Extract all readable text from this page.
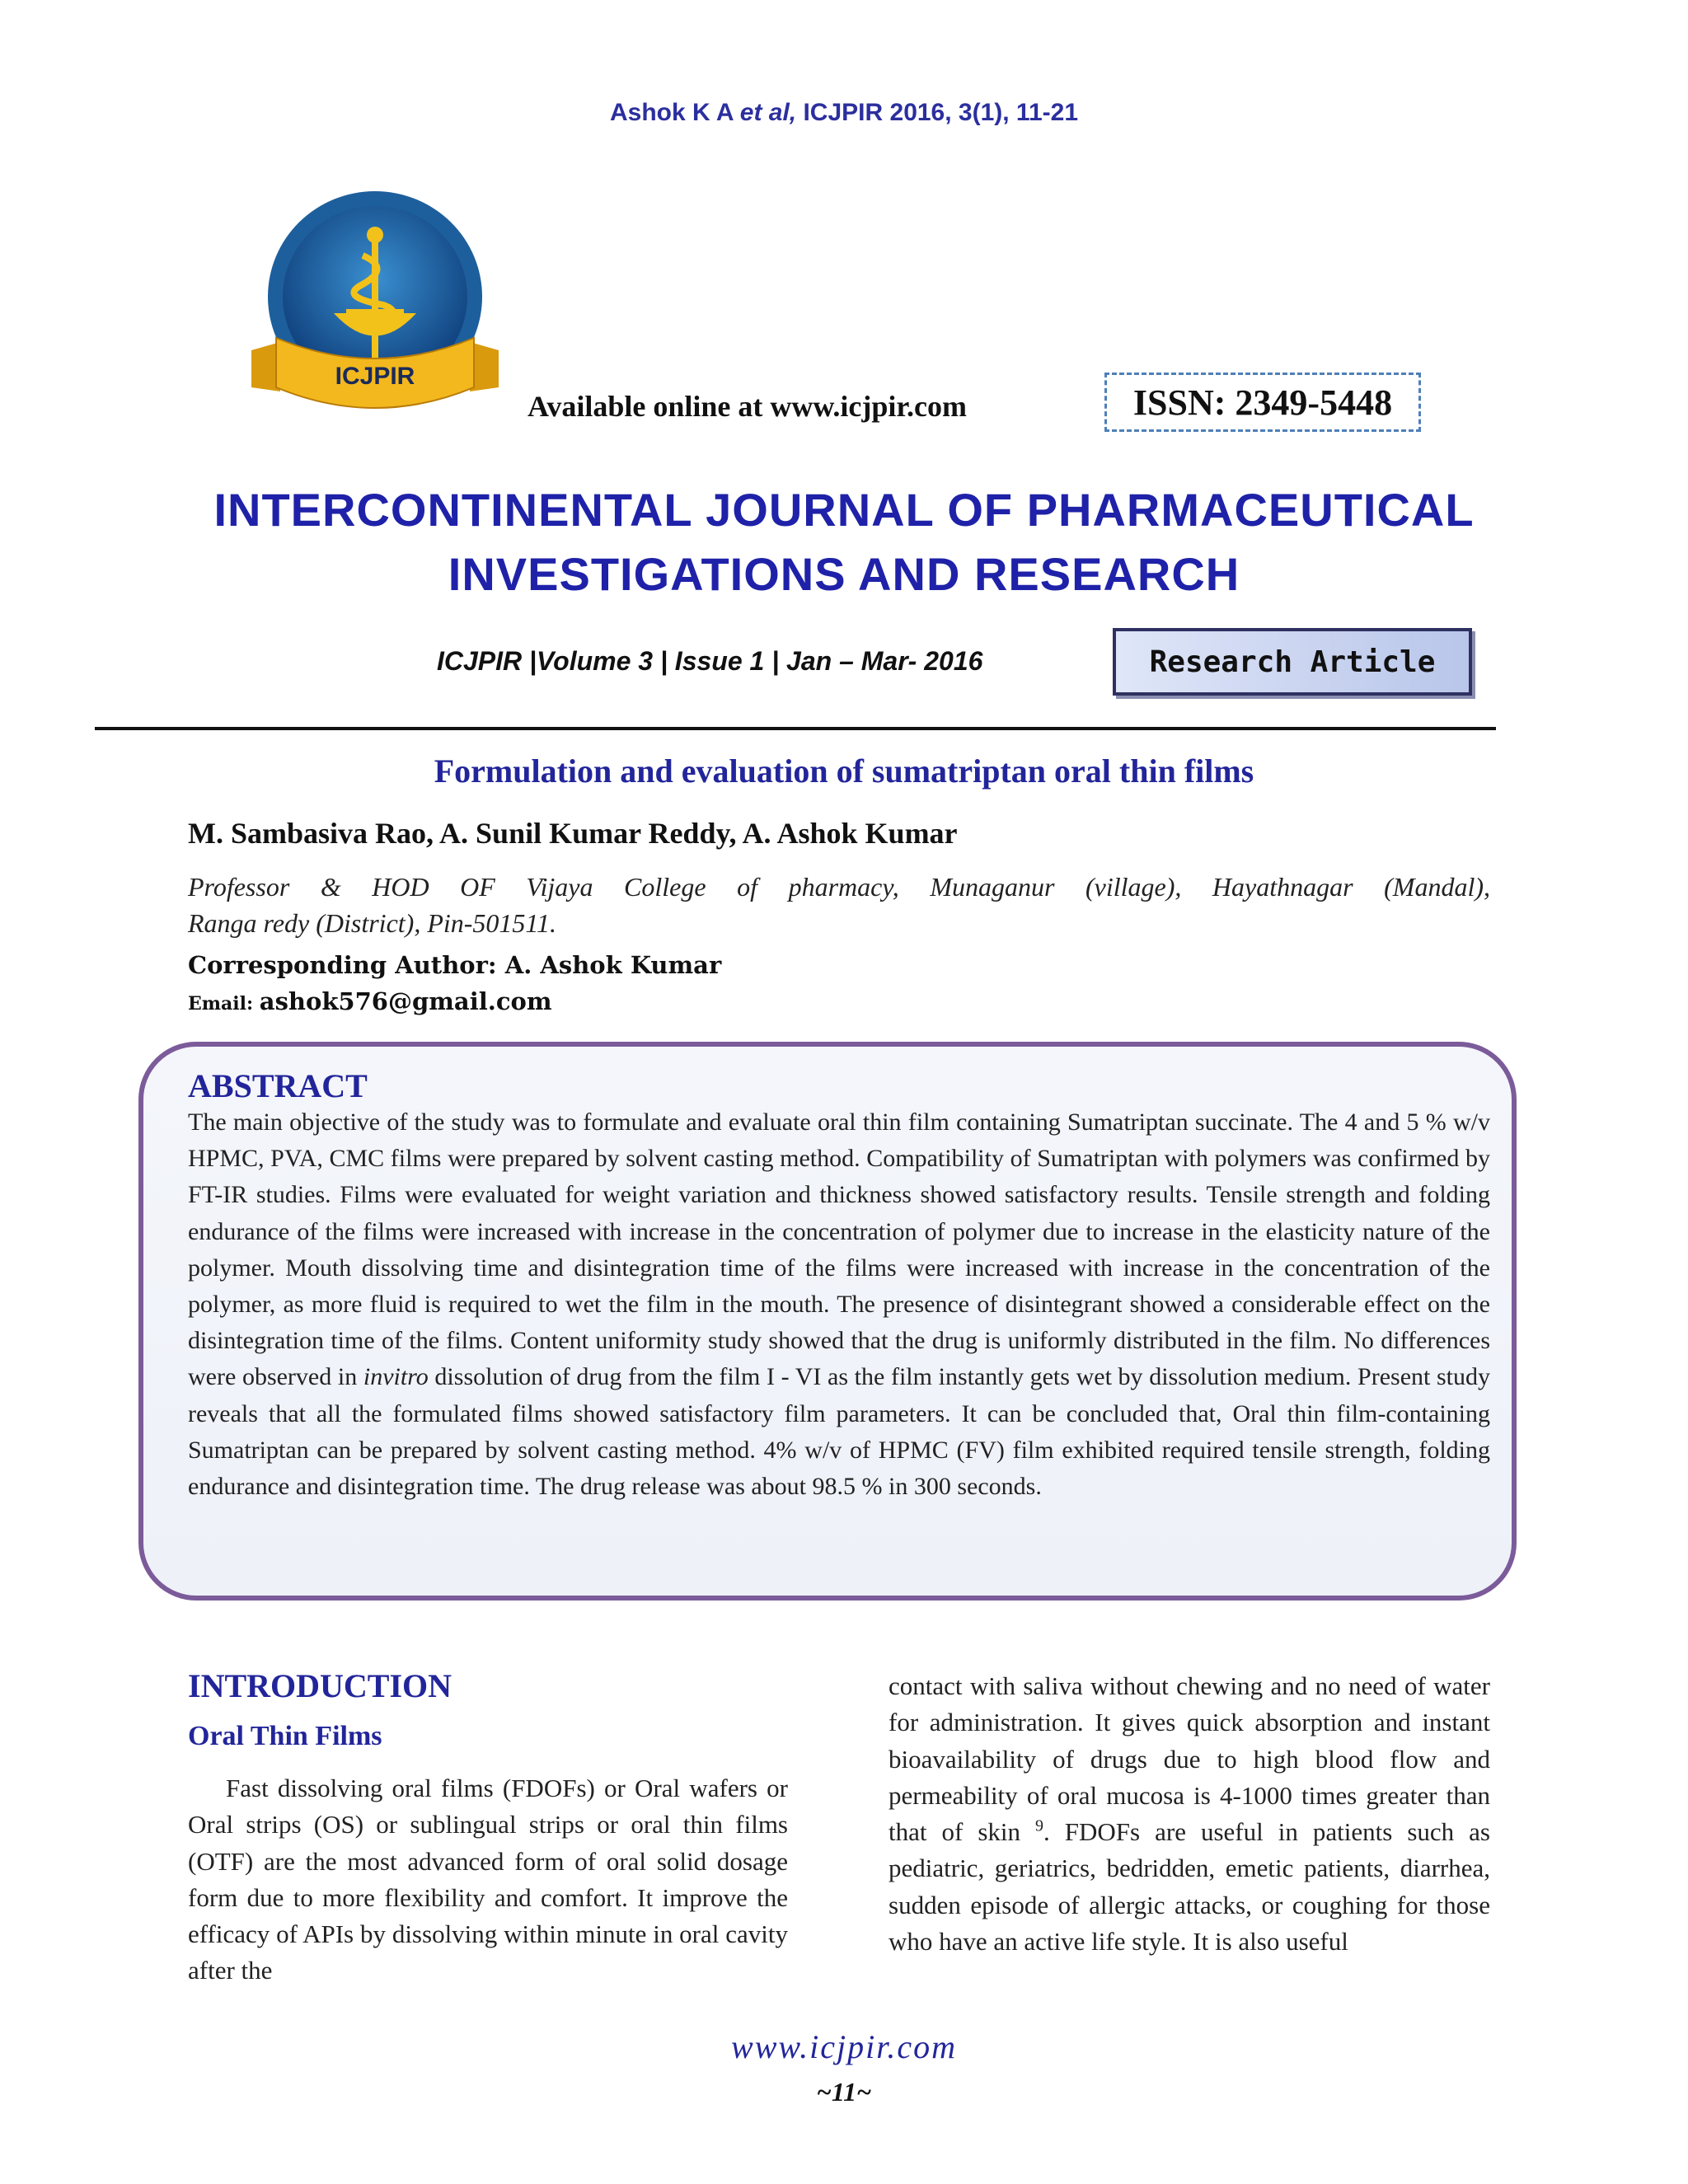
Ashok K A et al, ICJPIR 2016, 3(1), 11-21
ICJPIR
Available online at www.icjpir.com	ISSN: 2349-5448
INTERCONTINENTAL JOURNAL OF PHARMACEUTICAL
INVESTIGATIONS AND RESEARCH
ICJPIR |Volume 3 | Issue 1 | Jan – Mar- 2016	Research Article
Formulation and evaluation of sumatriptan oral thin films
M. Sambasiva Rao, A. Sunil Kumar Reddy, A. Ashok Kumar
Professor & HOD OF Vijaya College of pharmacy, Munaganur (village), Hayathnagar (Mandal),
Ranga redy (District), Pin-501511.
Corresponding Author: A. Ashok Kumar
Email: ashok576@gmail.com
ABSTRACT
The main objective of the study was to formulate and evaluate oral thin film containing Sumatriptan succinate. The 4 and 5 % w/v HPMC, PVA, CMC films were prepared by solvent casting method. Compatibility of Sumatriptan with polymers was confirmed by FT-IR studies. Films were evaluated for weight variation and thickness showed satisfactory results. Tensile strength and folding endurance of the films were increased with increase in the concentration of polymer due to increase in the elasticity nature of the polymer. Mouth dissolving time and disintegration time of the films were increased with increase in the concentration of the polymer, as more fluid is required to wet the film in the mouth. The presence of disintegrant showed a considerable effect on the disintegration time of the films. Content uniformity study showed that the drug is uniformly distributed in the film. No differences were observed in invitro dissolution of drug from the film I - VI as the film instantly gets wet by dissolution medium. Present study reveals that all the formulated films showed satisfactory film parameters. It can be concluded that, Oral thin film-containing Sumatriptan can be prepared by solvent casting method. 4% w/v of HPMC (FV) film exhibited required tensile strength, folding endurance and disintegration time. The drug release was about 98.5 % in 300 seconds.
INTRODUCTION
Oral Thin Films
Fast dissolving oral films (FDOFs) or Oral wafers or Oral strips (OS) or sublingual strips or oral thin films (OTF) are the most advanced form of oral solid dosage form due to more flexibility and comfort. It improve the efficacy of APIs by dissolving within minute in oral cavity after the
contact with saliva without chewing and no need of water for administration. It gives quick absorption and instant bioavailability of drugs due to high blood flow and permeability of oral mucosa is 4-1000 times greater than that of skin $^9$. FDOFs are useful in patients such as pediatric, geriatrics, bedridden, emetic patients, diarrhea, sudden episode of allergic attacks, or coughing for those who have an active life style. It is also useful
www.icjpir.com
~11~
